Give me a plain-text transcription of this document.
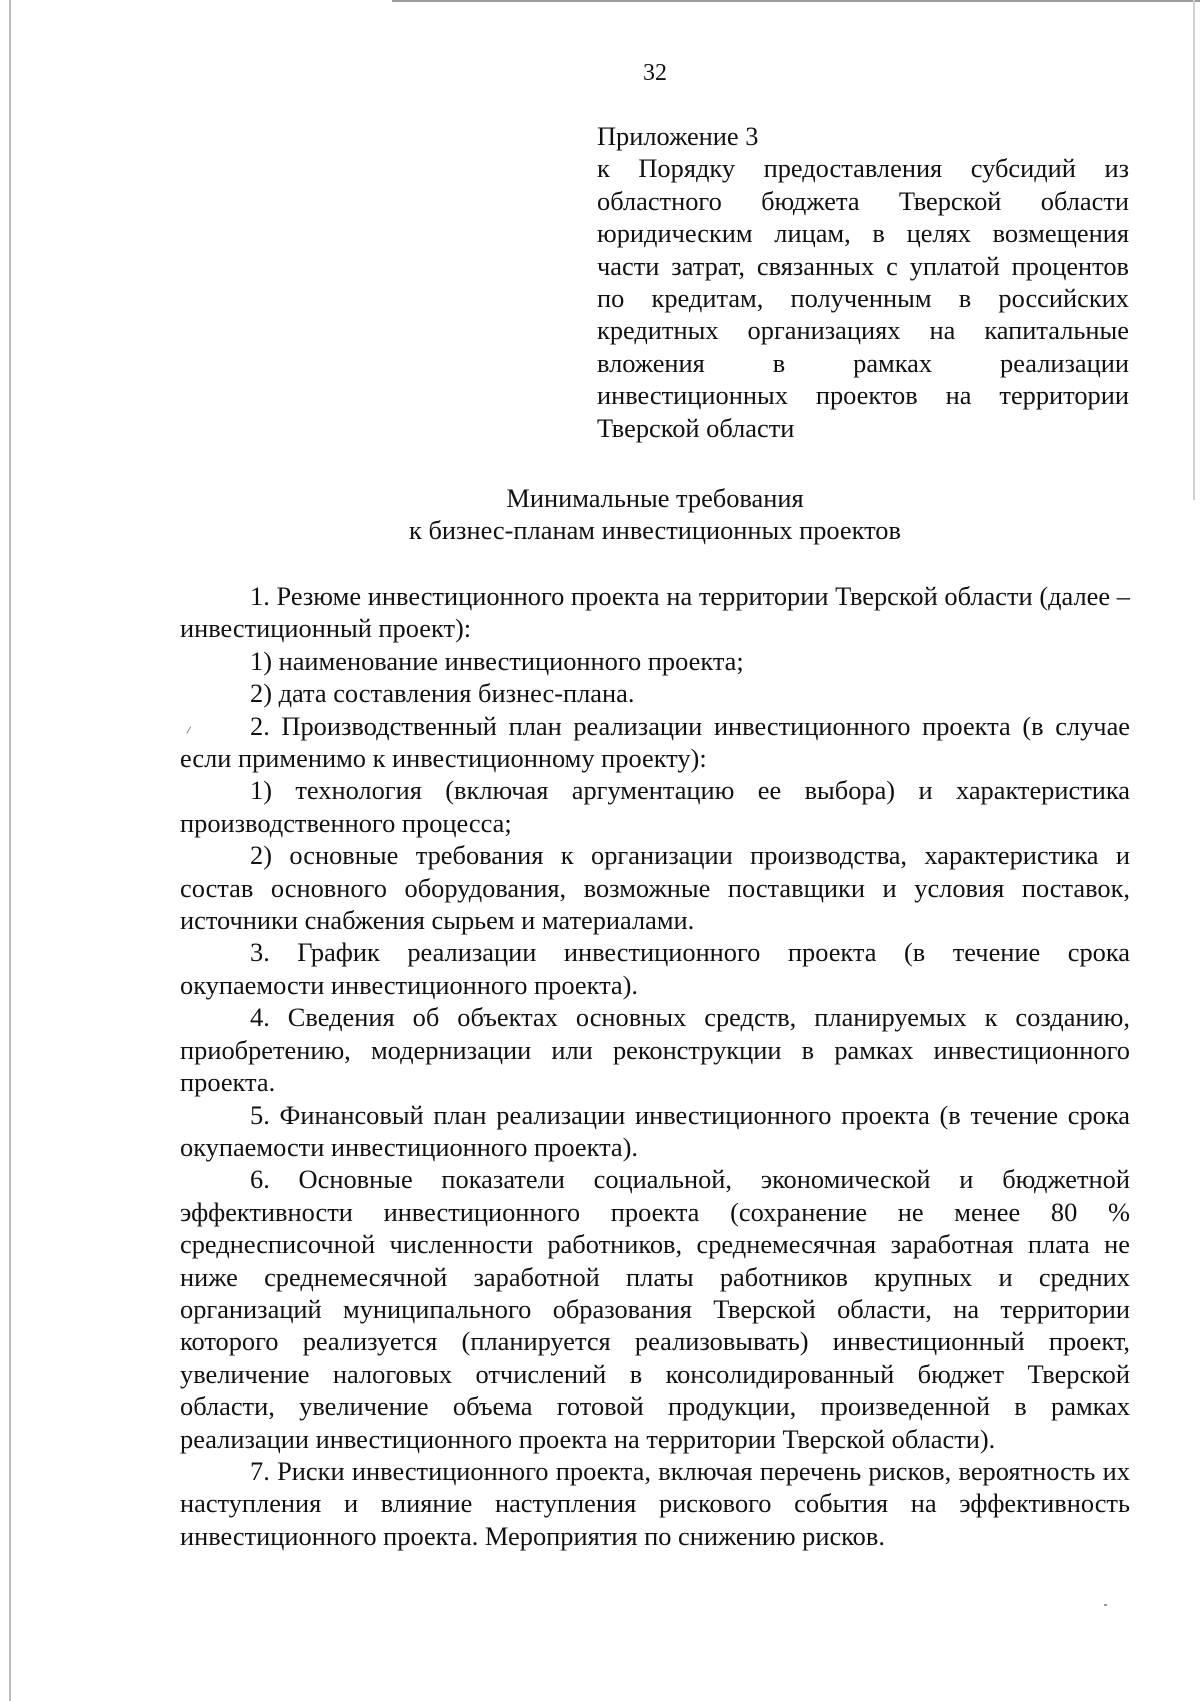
32
Приложение 3
к Порядку предоставления субсидий из областного бюджета Тверской области юридическим лицам, в целях возмещения части затрат, связанных с уплатой процентов по кредитам, полученным в российских кредитных организациях на капитальные вложения в рамках реализации инвестиционных проектов на территории Тверской области
Минимальные требования
к бизнес-планам инвестиционных проектов

1. Резюме инвестиционного проекта на территории Тверской области (далее – инвестиционный проект):

1) наименование инвестиционного проекта;

2) дата составления бизнес-плана.

2. Производственный план реализации инвестиционного проекта (в случае если применимо к инвестиционному проекту):

1) технология (включая аргументацию ее выбора) и характеристика производственного процесса;

2) основные требования к организации производства, характеристика и состав основного оборудования, возможные поставщики и условия поставок, источники снабжения сырьем и материалами.

3. График реализации инвестиционного проекта (в течение срока окупаемости инвестиционного проекта).

4. Сведения об объектах основных средств, планируемых к созданию, приобретению, модернизации или реконструкции в рамках инвестиционного проекта.

5. Финансовый план реализации инвестиционного проекта (в течение срока окупаемости инвестиционного проекта).

6. Основные показатели социальной, экономической и бюджетной эффективности инвестиционного проекта (сохранение не менее 80 % среднесписочной численности работников, среднемесячная заработная плата не ниже среднемесячной заработной платы работников крупных и средних организаций муниципального образования Тверской области, на территории которого реализуется (планируется реализовывать) инвестиционный проект, увеличение налоговых отчислений в консолидированный бюджет Тверской области, увеличение объема готовой продукции, произведенной в рамках реализации инвестиционного проекта на территории Тверской области).

7. Риски инвестиционного проекта, включая перечень рисков, вероятность их наступления и влияние наступления рискового события на эффективность инвестиционного проекта. Мероприятия по снижению рисков.
